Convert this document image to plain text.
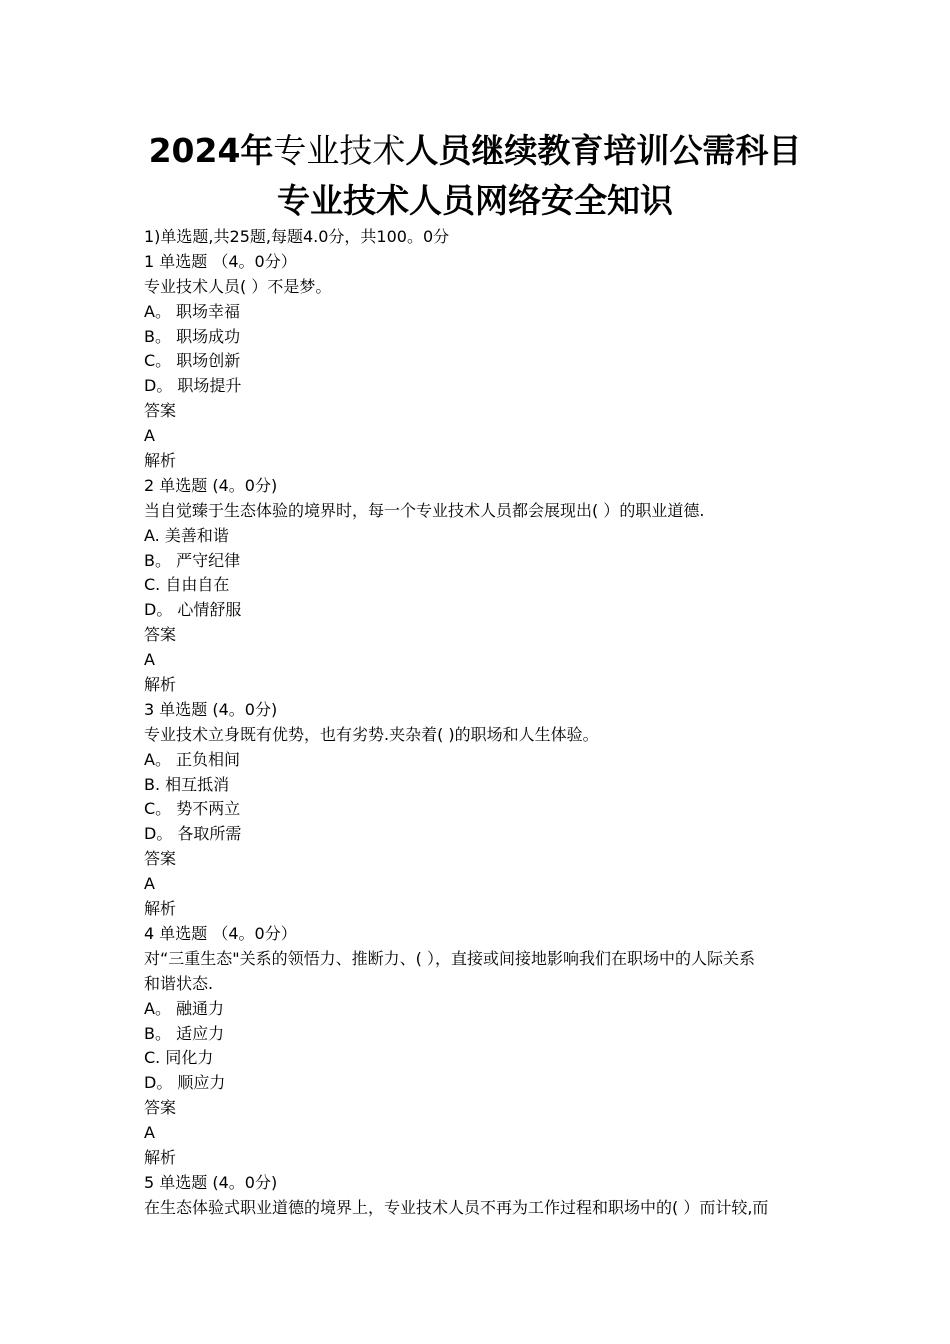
2024年专业技术人员继续教育培训公需科目
专业技术人员网络安全知识
1)单选题,共25题,每题4.0分，共100。0分
1 单选题 （4。0分）
专业技术人员( ）不是梦。
A。 职场幸福
B。 职场成功
C。 职场创新
D。 职场提升
答案
A
解析
2 单选题 (4。0分)
当自觉臻于生态体验的境界时，每一个专业技术人员都会展现出( ）的职业道德.
A. 美善和谐
B。 严守纪律
C. 自由自在
D。 心情舒服
答案
A
解析
3 单选题 (4。0分)
专业技术立身既有优势，也有劣势.夹杂着( )的职场和人生体验。
A。 正负相间
B. 相互抵消
C。 势不两立
D。 各取所需
答案
A
解析
4 单选题 （4。0分）
对“三重生态"关系的领悟力、推断力、( ），直接或间接地影响我们在职场中的人际关系
和谐状态.
A。 融通力
B。 适应力
C. 同化力
D。 顺应力
答案
A
解析
5 单选题 (4。0分)
在生态体验式职业道德的境界上，专业技术人员不再为工作过程和职场中的( ）而计较,而
